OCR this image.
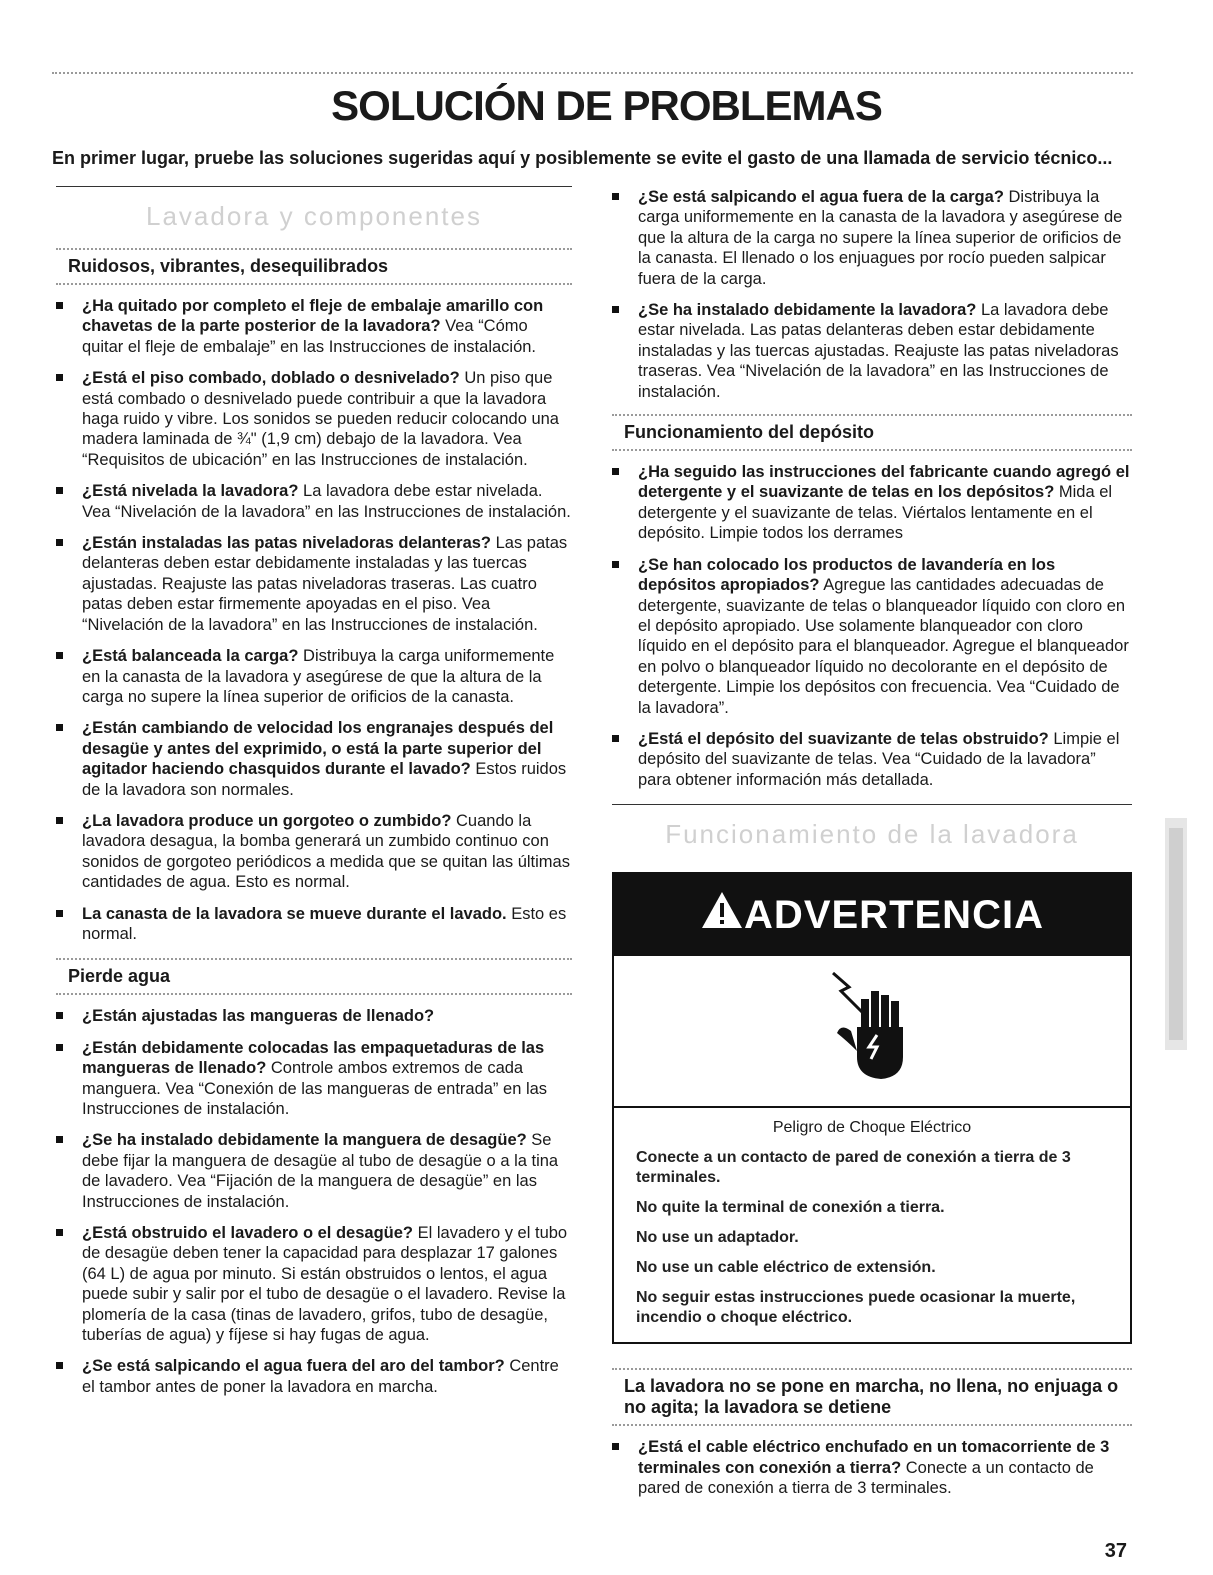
SOLUCIÓN DE PROBLEMAS
En primer lugar, pruebe las soluciones sugeridas aquí y posiblemente se evite el gasto de una llamada de servicio técnico...
Lavadora y componentes
Ruidosos, vibrantes, desequilibrados
¿Ha quitado por completo el fleje de embalaje amarillo con chavetas de la parte posterior de la lavadora? Vea “Cómo quitar el fleje de embalaje” en las Instrucciones de instalación.
¿Está el piso combado, doblado o desnivelado? Un piso que está combado o desnivelado puede contribuir a que la lavadora haga ruido y vibre. Los sonidos se pueden reducir colocando una madera laminada de ¾" (1,9 cm) debajo de la lavadora. Vea “Requisitos de ubicación” en las Instrucciones de instalación.
¿Está nivelada la lavadora? La lavadora debe estar nivelada. Vea “Nivelación de la lavadora” en las Instrucciones de instalación.
¿Están instaladas las patas niveladoras delanteras? Las patas delanteras deben estar debidamente instaladas y las tuercas ajustadas. Reajuste las patas niveladoras traseras. Las cuatro patas deben estar firmemente apoyadas en el piso. Vea “Nivelación de la lavadora” en las Instrucciones de instalación.
¿Está balanceada la carga? Distribuya la carga uniformemente en la canasta de la lavadora y asegúrese de que la altura de la carga no supere la línea superior de orificios de la canasta.
¿Están cambiando de velocidad los engranajes después del desagüe y antes del exprimido, o está la parte superior del agitador haciendo chasquidos durante el lavado? Estos ruidos de la lavadora son normales.
¿La lavadora produce un gorgoteo o zumbido? Cuando la lavadora desagua, la bomba generará un zumbido continuo con sonidos de gorgoteo periódicos a medida que se quitan las últimas cantidades de agua. Esto es normal.
La canasta de la lavadora se mueve durante el lavado. Esto es normal.
Pierde agua
¿Están ajustadas las mangueras de llenado?
¿Están debidamente colocadas las empaquetaduras de las mangueras de llenado? Controle ambos extremos de cada manguera. Vea “Conexión de las mangueras de entrada” en las Instrucciones de instalación.
¿Se ha instalado debidamente la manguera de desagüe? Se debe fijar la manguera de desagüe al tubo de desagüe o a la tina de lavadero. Vea “Fijación de la manguera de desagüe” en las Instrucciones de instalación.
¿Está obstruido el lavadero o el desagüe? El lavadero y el tubo de desagüe deben tener la capacidad para desplazar 17 galones (64 L) de agua por minuto. Si están obstruidos o lentos, el agua puede subir y salir por el tubo de desagüe o el lavadero. Revise la plomería de la casa (tinas de lavadero, grifos, tubo de desagüe, tuberías de agua) y fíjese si hay fugas de agua.
¿Se está salpicando el agua fuera del aro del tambor? Centre el tambor antes de poner la lavadora en marcha.
¿Se está salpicando el agua fuera de la carga? Distribuya la carga uniformemente en la canasta de la lavadora y asegúrese de que la altura de la carga no supere la línea superior de orificios de la canasta. El llenado o los enjuagues por rocío pueden salpicar fuera de la carga.
¿Se ha instalado debidamente la lavadora? La lavadora debe estar nivelada. Las patas delanteras deben estar debidamente instaladas y las tuercas ajustadas. Reajuste las patas niveladoras traseras. Vea “Nivelación de la lavadora” en las Instrucciones de instalación.
Funcionamiento del depósito
¿Ha seguido las instrucciones del fabricante cuando agregó el detergente y el suavizante de telas en los depósitos? Mida el detergente y el suavizante de telas. Viértalos lentamente en el depósito. Limpie todos los derrames
¿Se han colocado los productos de lavandería en los depósitos apropiados? Agregue las cantidades adecuadas de detergente, suavizante de telas o blanqueador líquido con cloro en el depósito apropiado. Use solamente blanqueador con cloro líquido en el depósito para el blanqueador. Agregue el blanqueador en polvo o blanqueador líquido no decolorante en el depósito de detergente. Limpie los depósitos con frecuencia. Vea “Cuidado de la lavadora”.
¿Está el depósito del suavizante de telas obstruido? Limpie el depósito del suavizante de telas. Vea “Cuidado de la lavadora” para obtener información más detallada.
Funcionamiento de la lavadora
ADVERTENCIA
Peligro de Choque Eléctrico

Conecte a un contacto de pared de conexión a tierra de 3 terminales.

No quite la terminal de conexión a tierra.

No use un adaptador.

No use un cable eléctrico de extensión.

No seguir estas instrucciones puede ocasionar la muerte, incendio o choque eléctrico.

La lavadora no se pone en marcha, no llena, no enjuaga o no agita; la lavadora se detiene
¿Está el cable eléctrico enchufado en un tomacorriente de 3 terminales con conexión a tierra? Conecte a un contacto de pared de conexión a tierra de 3 terminales.
37
